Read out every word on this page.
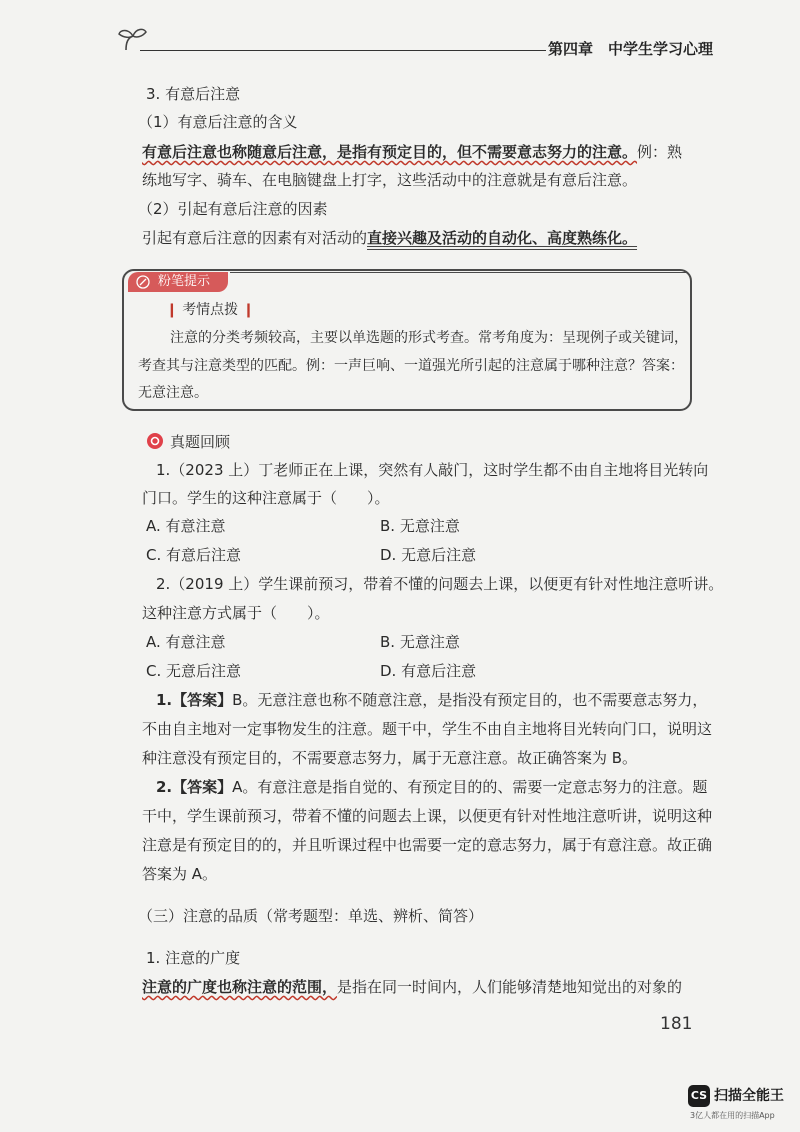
第四章　中学生学习心理
3. 有意后注意
（1）有意后注意的含义
有意后注意也称随意后注意，是指有预定目的，但不需要意志努力的注意。例：熟
练地写字、骑车、在电脑键盘上打字，这些活动中的注意就是有意后注意。
（2）引起有意后注意的因素
引起有意后注意的因素有对活动的直接兴趣及活动的自动化、高度熟练化。
粉笔提示
❙ 考情点拨 ❙
注意的分类考频较高，主要以单选题的形式考查。常考角度为：呈现例子或关键词，
考查其与注意类型的匹配。例：一声巨响、一道强光所引起的注意属于哪种注意？答案：
无意注意。
真题回顾
1.（2023 上）丁老师正在上课，突然有人敲门，这时学生都不由自主地将目光转向
门口。学生的这种注意属于（　　）。
A. 有意注意	B. 无意注意
C. 有意后注意	D. 无意后注意
2.（2019 上）学生课前预习，带着不懂的问题去上课，以便更有针对性地注意听讲。
这种注意方式属于（　　）。
A. 有意注意	B. 无意注意
C. 无意后注意	D. 有意后注意
1.【答案】B。无意注意也称不随意注意，是指没有预定目的，也不需要意志努力，
不由自主地对一定事物发生的注意。题干中，学生不由自主地将目光转向门口，说明这
种注意没有预定目的，不需要意志努力，属于无意注意。故正确答案为 B。
2.【答案】A。有意注意是指自觉的、有预定目的的、需要一定意志努力的注意。题
干中，学生课前预习，带着不懂的问题去上课，以便更有针对性地注意听讲，说明这种
注意是有预定目的的，并且听课过程中也需要一定的意志努力，属于有意注意。故正确
答案为 A。
（三）注意的品质（常考题型：单选、辨析、简答）
1. 注意的广度
注意的广度也称注意的范围，是指在同一时间内，人们能够清楚地知觉出的对象的
181
CS 扫描全能王
3亿人都在用的扫描App
